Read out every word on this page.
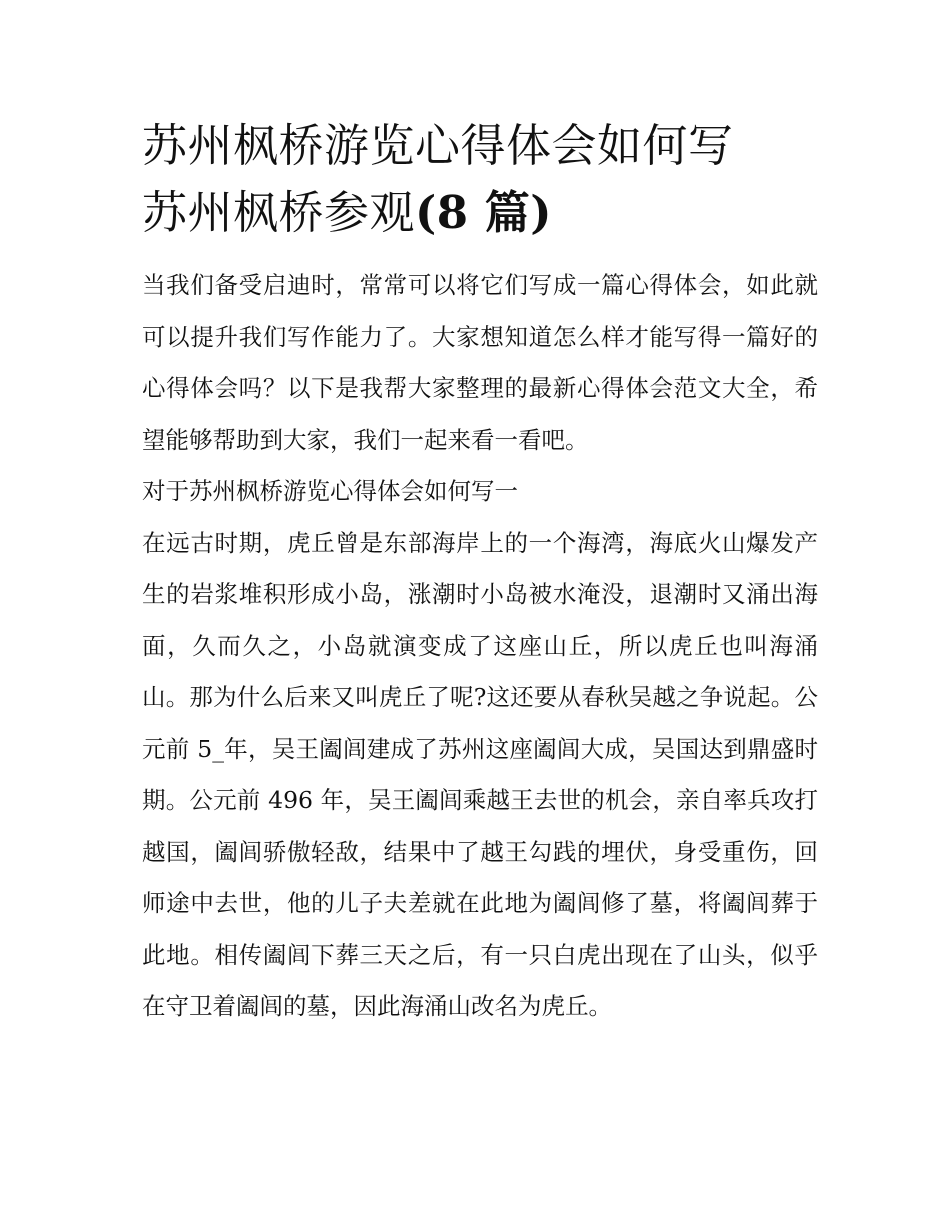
苏州枫桥游览心得体会如何写
苏州枫桥参观(8 篇)

当我们备受启迪时，常常可以将它们写成一篇心得体会，如此就可以提升我们写作能力了。大家想知道怎么样才能写得一篇好的心得体会吗？以下是我帮大家整理的最新心得体会范文大全，希望能够帮助到大家，我们一起来看一看吧。

对于苏州枫桥游览心得体会如何写一

在远古时期，虎丘曾是东部海岸上的一个海湾，海底火山爆发产生的岩浆堆积形成小岛，涨潮时小岛被水淹没，退潮时又涌出海面，久而久之，小岛就演变成了这座山丘，所以虎丘也叫海涌山。那为什么后来又叫虎丘了呢?这还要从春秋吴越之争说起。公元前 5_年，吴王阖闾建成了苏州这座阖闾大成，吴国达到鼎盛时期。公元前 496 年，吴王阖闾乘越王去世的机会，亲自率兵攻打越国，阖闾骄傲轻敌，结果中了越王勾践的埋伏，身受重伤，回师途中去世，他的儿子夫差就在此地为阖闾修了墓，将阖闾葬于此地。相传阖闾下葬三天之后，有一只白虎出现在了山头，似乎在守卫着阖闾的墓，因此海涌山改名为虎丘。
